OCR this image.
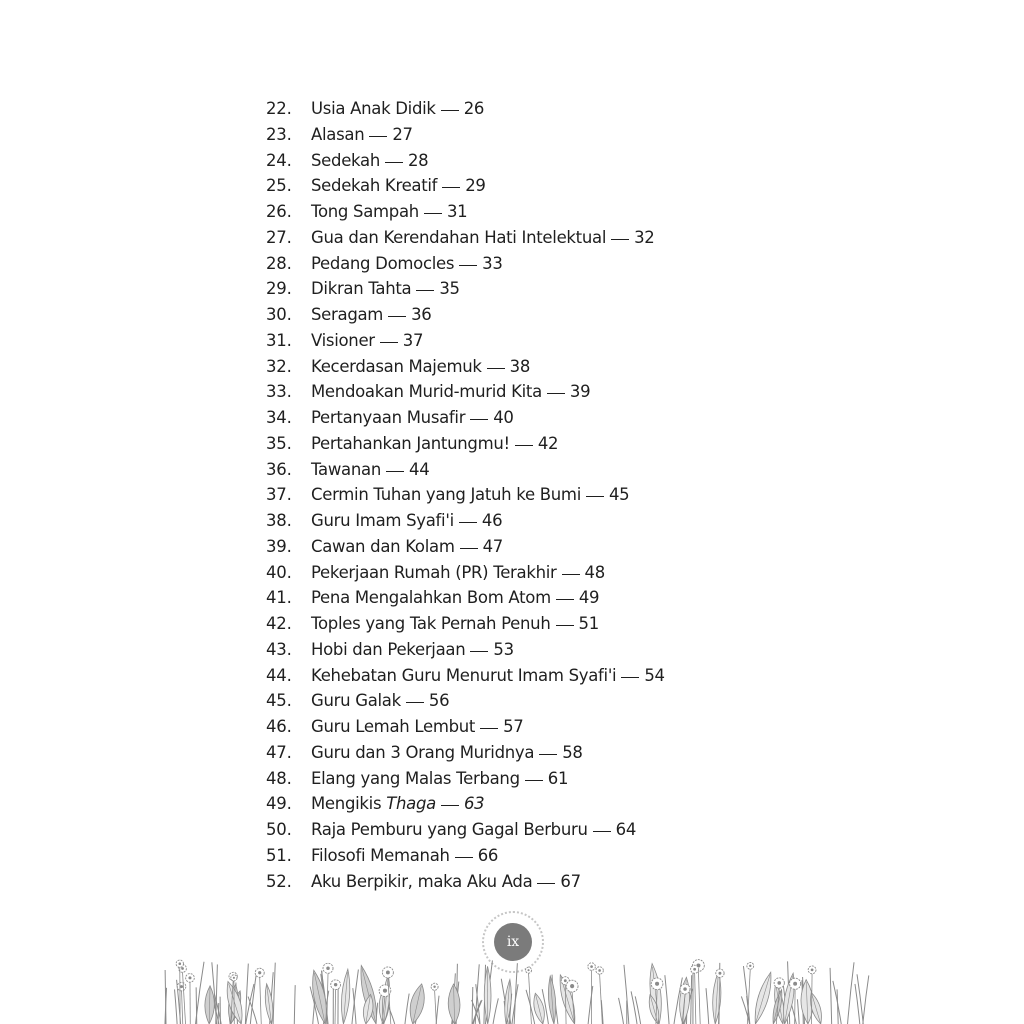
22.	Usia Anak Didik 26
23.	Alasan 27
24.	Sedekah 28
25.	Sedekah Kreatif 29
26.	Tong Sampah 31
27.	Gua dan Kerendahan Hati Intelektual 32
28.	Pedang Domocles 33
29.	Dikran Tahta 35
30.	Seragam 36
31.	Visioner 37
32.	Kecerdasan Majemuk 38
33.	Mendoakan Murid-murid Kita 39
34.	Pertanyaan Musafir 40
35.	Pertahankan Jantungmu! 42
36.	Tawanan 44
37.	Cermin Tuhan yang Jatuh ke Bumi 45
38.	Guru Imam Syafi'i 46
39.	Cawan dan Kolam 47
40.	Pekerjaan Rumah (PR) Terakhir 48
41.	Pena Mengalahkan Bom Atom 49
42.	Toples yang Tak Pernah Penuh 51
43.	Hobi dan Pekerjaan 53
44.	Kehebatan Guru Menurut Imam Syafi'i 54
45.	Guru Galak 56
46.	Guru Lemah Lembut 57
47.	Guru dan 3 Orang Muridnya 58
48.	Elang yang Malas Terbang 61
49.	Mengikis Thaga 63
50.	Raja Pemburu yang Gagal Berburu 64
51.	Filosofi Memanah 66
52.	Aku Berpikir, maka Aku Ada 67
ix
